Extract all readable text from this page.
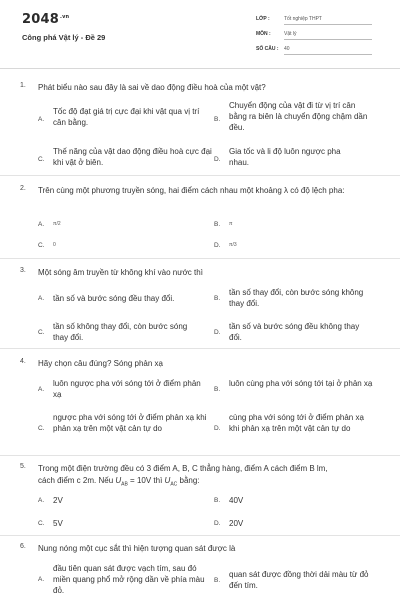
$2048^{.vn}$
Công phá Vật lý - Đề 29
LỚP :	Tốt nghiệp THPT
MÔN :	Vật lý
SỐ CÂU : 40
1. Phát biểu nào sau đây là sai về dao động điều hoà của một vật?
A.
Tốc độ đạt giá trị cực đại khi vật qua vị trí cân bằng.	B.
Chuyển động của vật đi từ vị trí cân bằng ra biên là chuyển động chậm dần đều.
C.
Thế năng của vật dao động điều hoà cực đại khi vật ở biên.	D.
Gia tốc và li độ luôn ngược pha nhau.
2. Trên cùng một phương truyền sóng, hai điểm cách nhau một khoảng λ có độ lệch pha:
A. π/2	B. π
C. 0	D. π/3
3. Một sóng âm truyền từ không khí vào nước thì
A. tần số và bước sóng đều thay đổi.	B.
tần số thay đổi, còn bước sóng không thay đổi.
C.
tần số không thay đổi, còn bước sóng thay đổi.
D.
tần số và bước sóng đều không thay đổi.
4. Hãy chọn câu đúng? Sóng phản xạ
A.
luôn ngược pha với sóng tới ở điểm phản xạ
B.
luôn cùng pha với sóng tới tại ở phản xạ
C.
ngược pha với sóng tới ở điểm phản xạ khi phản xạ trên một vật cản tự do	D.
cùng pha với sóng tới ở điểm phản xạ khi phản xạ trên một vật cản tự do
5. Trong một điện trường đều có 3 điểm A, B, C thẳng hàng, điểm A cách điểm B lm,
cách điểm c 2m. Nếu $U_{AB} = 10V$ thì $U_{AC}$ bằng:
A. 2V	B. 40V
C. 5V	D. 20V
6. Nung nóng một cục sắt thì hiện tượng quan sát được là
A.
đầu tiên quan sát được vạch tím, sau đó miền quang phổ mở rộng dần về phía màu đỏ.
B.
quan sát được đồng thời dải màu từ đỏ đến tím.
